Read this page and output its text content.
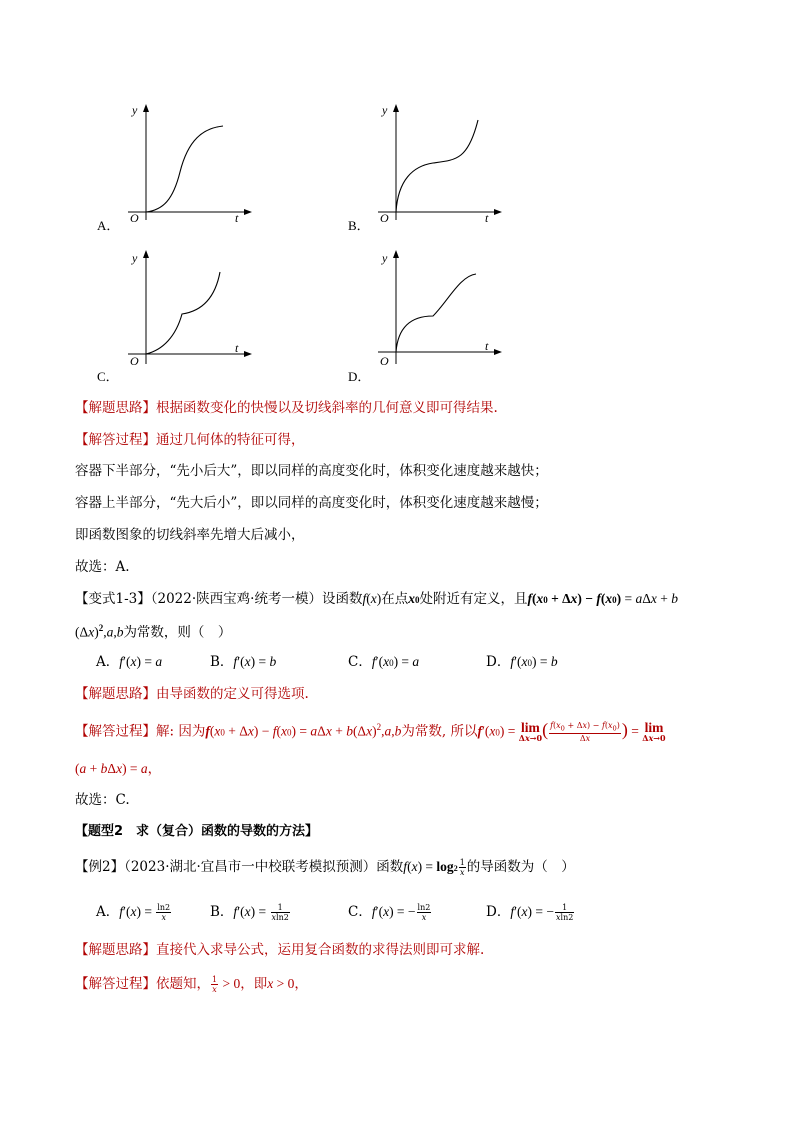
y
t
O
A．
y
t
O
B．
y
t
O
C．
y
t
O
D．
【解题思路】根据函数变化的快慢以及切线斜率的几何意义即可得结果.
【解答过程】通过几何体的特征可得，
容器下半部分，“先小后大”，即以同样的高度变化时，体积变化速度越来越快；
容器上半部分，“先大后小”，即以同样的高度变化时，体积变化速度越来越慢；
即函数图象的切线斜率先增大后减小，
故选：A.
【变式1-3】（2022·陕西宝鸡·统考一模）设函数f(x)在点x0处附近有定义，且f(x0 + Δx) − f(x0) = aΔx + b
$(\Delta x)^2,a,b$为常数，则（　）
A．f′(x) = a	B．f′(x) = b	C．f′(x0) = a	D．f′(x0) = b
【解题思路】由导函数的定义可得选项.
【解答过程】解: 因为$f(x0 + \Delta x) - f(x0) = a\Delta x + b(\Delta x)^2,a,b$为常数, 所以f′(x0) = lim
Δx→0 ( $\frac{f(x_0 + \Delta x) - f(x_0)}{\Delta x}$ ) = lim
Δx→0
(a + bΔx) = a，
故选：C.
【题型2　求（复合）函数的导数的方法】
【例2】（2023·湖北·宜昌市一中校联考模拟预测）函数$f(x) = \log 2 \frac{1}{x}$ 的导函数为（　）
A．$f'(x) = \frac{\ln 2}{x}$	B．$f'(x) = \frac{1}{xln2}$	C．f′(x) = − $\frac{\ln 2}{x}$	D．f′(x) = − $\frac{1}{xln2}$
【解题思路】直接代入求导公式，运用复合函数的求得法则即可求解.
【解答过程】依题知， $\frac{1}{x} > 0$，即x > 0，
